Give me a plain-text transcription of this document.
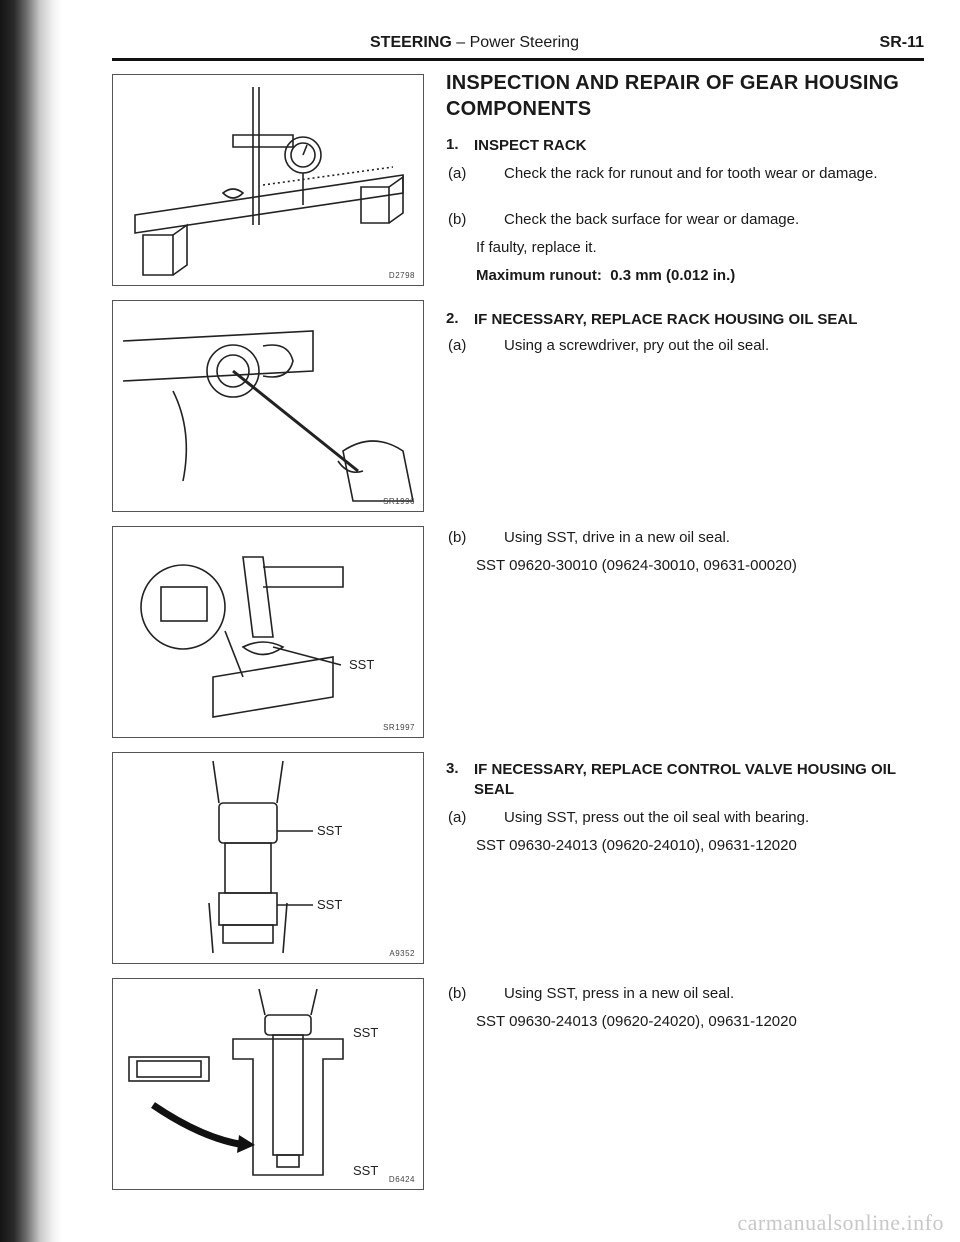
STEERING – Power Steering	SR-11
D2798
SR1996
SST
SR1997
SST
SST
A9352
SST
SST
D6424
INSPECTION AND REPAIR OF GEAR HOUSING
COMPONENTS
1. INSPECT RACK
(a)	Check the rack for runout and for tooth wear or damage.
(b)	Check the back surface for wear or damage.
If faulty, replace it.
Maximum runout: 0.3 mm (0.012 in.)
2. IF NECESSARY, REPLACE RACK HOUSING OIL SEAL
(a)	Using a screwdriver, pry out the oil seal.
(b)	Using SST, drive in a new oil seal.
SST 09620-30010 (09624-30010, 09631-00020)
3. IF NECESSARY, REPLACE CONTROL VALVE HOUSING OIL
SEAL
(a)	Using SST, press out the oil seal with bearing.
SST 09630-24013 (09620-24010), 09631-12020
(b)	Using SST, press in a new oil seal.
SST 09630-24013 (09620-24020), 09631-12020
carmanualsonline.info
